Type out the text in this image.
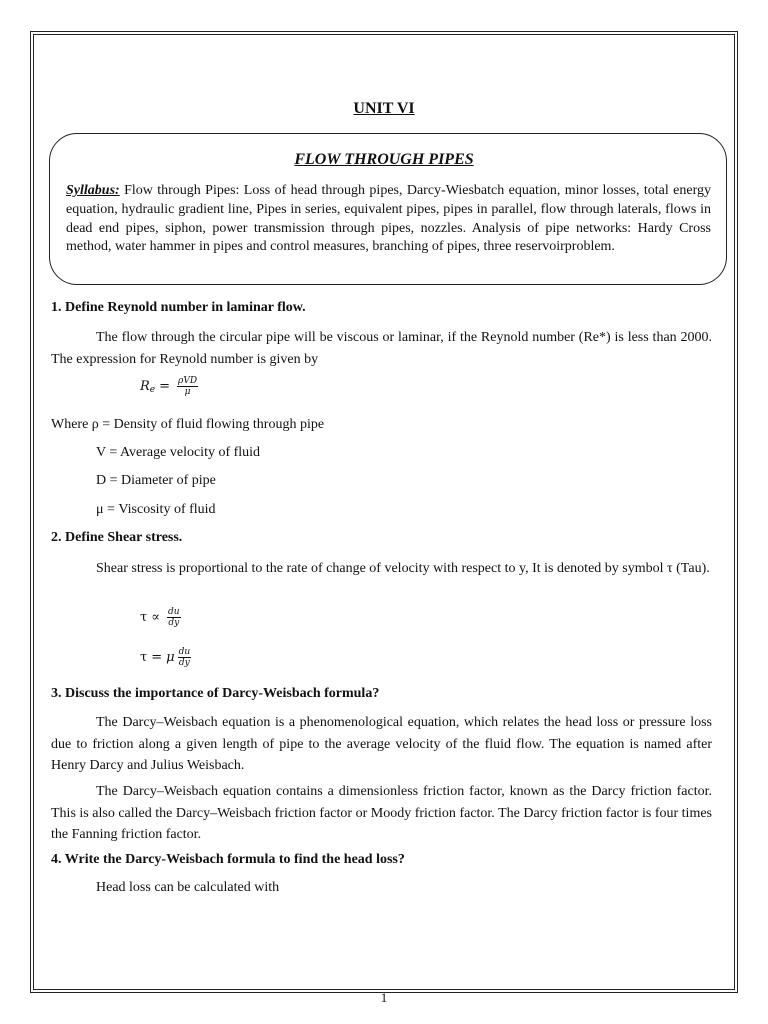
UNIT VI
FLOW THROUGH PIPES
Syllabus: Flow through Pipes: Loss of head through pipes, Darcy-Wiesbatch equation, minor losses, total energy equation, hydraulic gradient line, Pipes in series, equivalent pipes, pipes in parallel, flow through laterals, flows in dead end pipes, siphon, power transmission through pipes, nozzles. Analysis of pipe networks: Hardy Cross method, water hammer in pipes and control measures, branching of pipes, three reservoirproblem.
1. Define Reynold number in laminar flow.
The flow through the circular pipe will be viscous or laminar, if the Reynold number (Re*) is less than 2000. The expression for Reynold number is given by
R $e = \frac{\text{ρVD}}{\mu}$
Where ρ = Density of fluid flowing through pipe
V = Average velocity of fluid
D = Diameter of pipe
μ = Viscosity of fluid
2. Define Shear stress.
Shear stress is proportional to the rate of change of velocity with respect to y, It is denoted by symbol τ (Tau).
$\tau \propto \frac{du}{dy}$
τ = μ $\frac{du}{dy}$
3. Discuss the importance of Darcy-Weisbach formula?
The Darcy–Weisbach equation is a phenomenological equation, which relates the head loss or pressure loss due to friction along a given length of pipe to the average velocity of the fluid flow. The equation is named after Henry Darcy and Julius Weisbach.
The Darcy–Weisbach equation contains a dimensionless friction factor, known as the Darcy friction factor. This is also called the Darcy–Weisbach friction factor or Moody friction factor. The Darcy friction factor is four times the Fanning friction factor.
4. Write the Darcy-Weisbach formula to find the head loss?
Head loss can be calculated with
1
